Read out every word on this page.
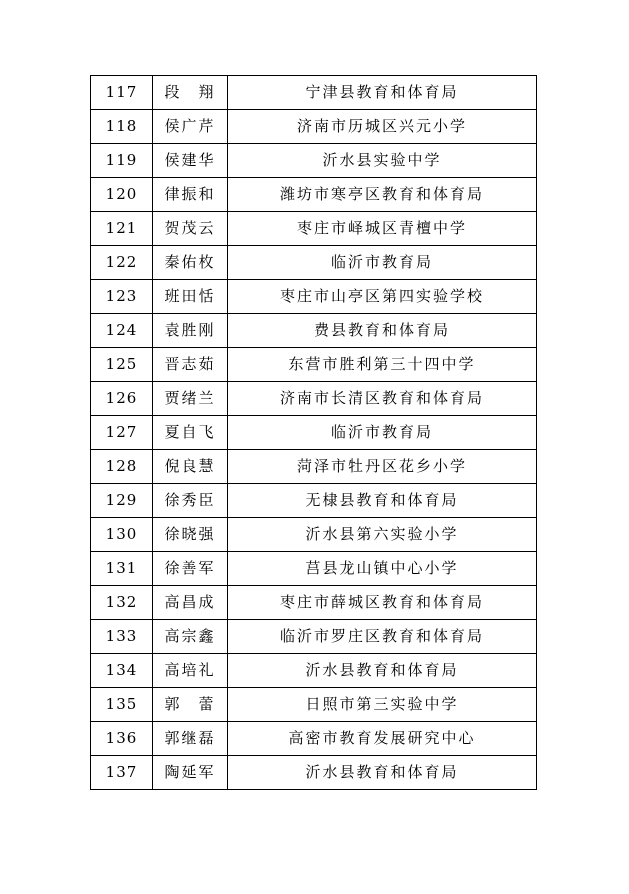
117	段　翔	宁津县教育和体育局
118	侯广芹	济南市历城区兴元小学
119	侯建华	沂水县实验中学
120	律振和	潍坊市寒亭区教育和体育局
121	贺茂云	枣庄市峄城区青檀中学
122	秦佑枚	临沂市教育局
123	班田恬	枣庄市山亭区第四实验学校
124	袁胜刚	费县教育和体育局
125	晋志茹	东营市胜利第三十四中学
126	贾绪兰	济南市长清区教育和体育局
127	夏自飞	临沂市教育局
128	倪良慧	菏泽市牡丹区花乡小学
129	徐秀臣	无棣县教育和体育局
130	徐晓强	沂水县第六实验小学
131	徐善军	莒县龙山镇中心小学
132	高昌成	枣庄市薛城区教育和体育局
133	高宗鑫	临沂市罗庄区教育和体育局
134	高培礼	沂水县教育和体育局
135	郭　蕾	日照市第三实验中学
136	郭继磊	高密市教育发展研究中心
137	陶延军	沂水县教育和体育局
